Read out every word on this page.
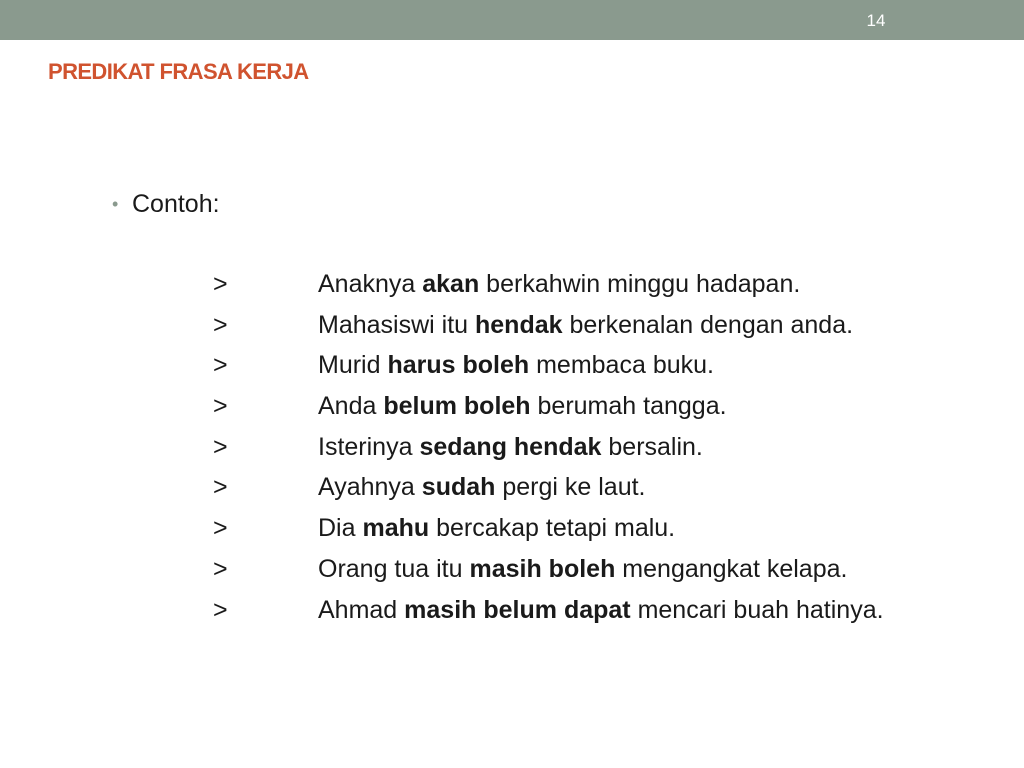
14
PREDIKAT FRASA KERJA
• Contoh:
>	Anaknya akan berkahwin minggu hadapan.
>	Mahasiswi itu hendak berkenalan dengan anda.
>	Murid harus boleh membaca buku.
>	Anda belum boleh berumah tangga.
>	Isterinya sedang hendak bersalin.
>	Ayahnya sudah pergi ke laut.
>	Dia mahu bercakap tetapi malu.
>	Orang tua itu masih boleh mengangkat kelapa.
>	Ahmad masih belum dapat mencari buah hatinya.
